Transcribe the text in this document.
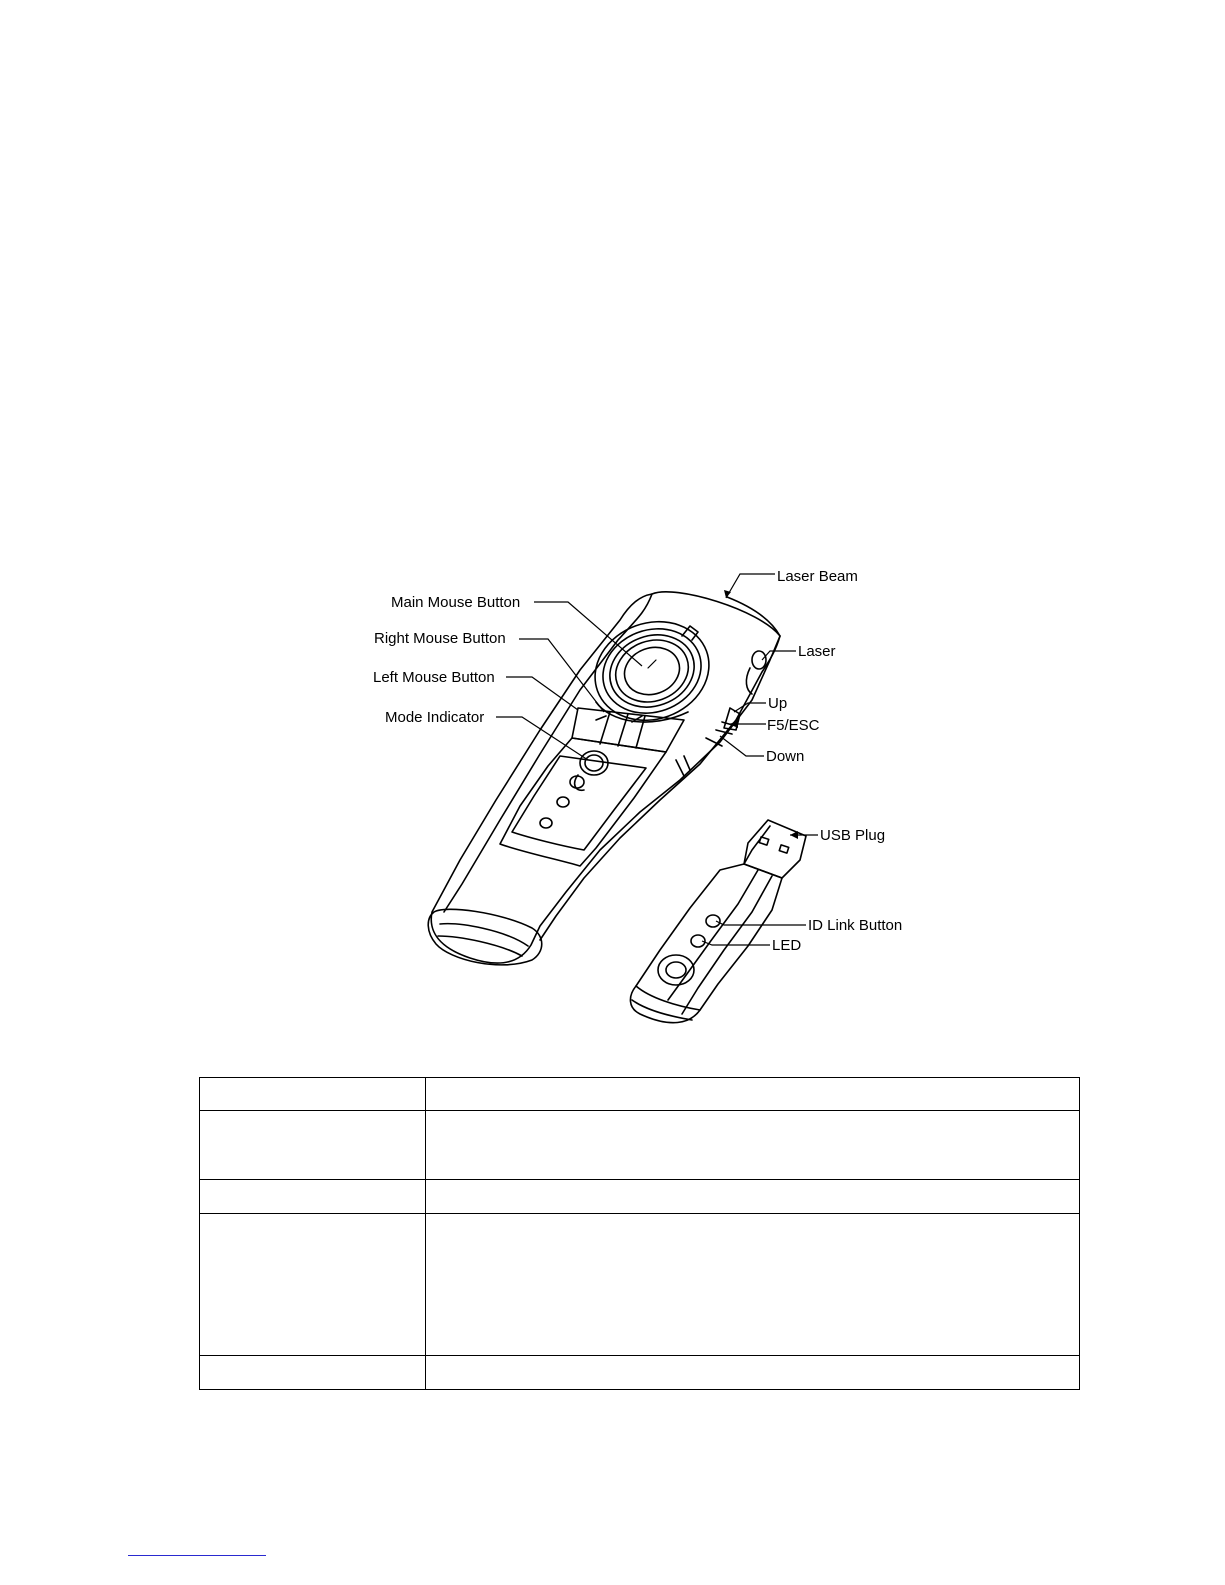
Laser Beam
Main Mouse Button
Right Mouse Button
Left Mouse Button
Mode Indicator
Laser
Up
F5/ESC
Down
USB Plug
ID Link Button
LED
